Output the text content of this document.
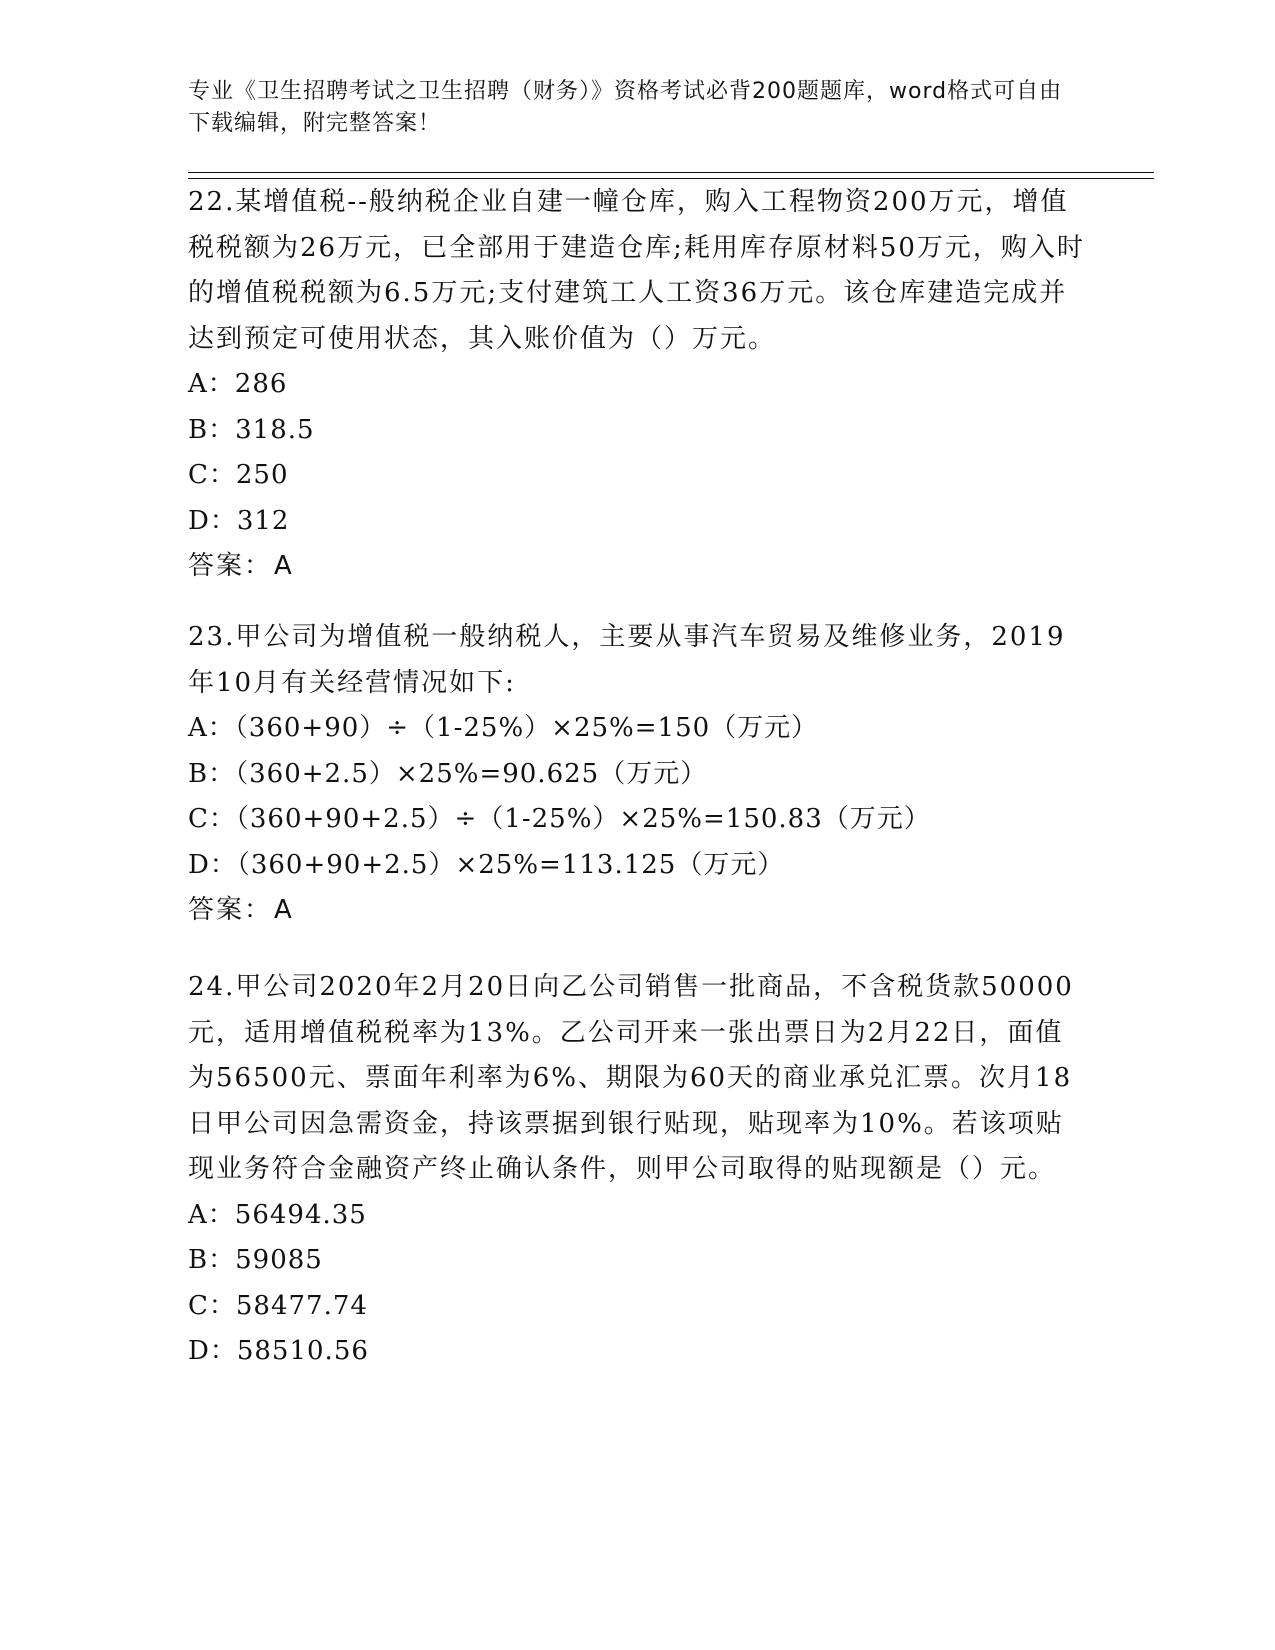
专业《卫生招聘考试之卫生招聘（财务）》资格考试必背200题题库，word格式可自由下载编辑，附完整答案！

22.某增值税--般纳税企业自建一幢仓库，购入工程物资200万元，增值税税额为26万元，已全部用于建造仓库;耗用库存原材料50万元，购入时的增值税税额为6.5万元;支付建筑工人工资36万元。该仓库建造完成并达到预定可使用状态，其入账价值为（）万元。

A：286

B：318.5

C：250

D：312

答案：A

23.甲公司为增值税一般纳税人，主要从事汽车贸易及维修业务，2019年10月有关经营情况如下:

A：（360+90）÷（1-25%）×25%=150（万元）

B：（360+2.5）×25%=90.625（万元）

C：（360+90+2.5）÷（1-25%）×25%=150.83（万元）

D：（360+90+2.5）×25%=113.125（万元）

答案：A

24.甲公司2020年2月20日向乙公司销售一批商品，不含税货款50000元，适用增值税税率为13%。乙公司开来一张出票日为2月22日，面值为56500元、票面年利率为6%、期限为60天的商业承兑汇票。次月18日甲公司因急需资金，持该票据到银行贴现，贴现率为10%。若该项贴现业务符合金融资产终止确认条件，则甲公司取得的贴现额是（）元。

A：56494.35

B：59085

C：58477.74

D：58510.56
